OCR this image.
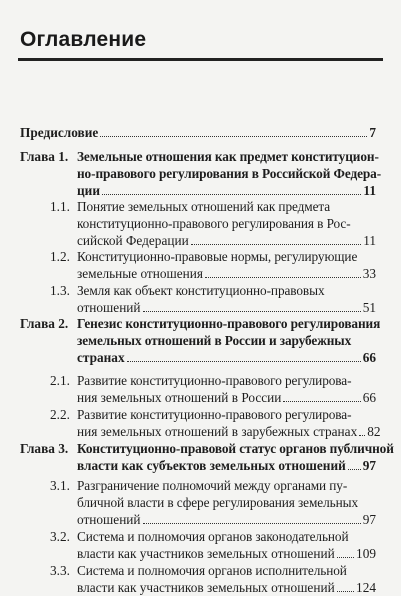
Оглавление
Предисловие	7
Глава 1. Земельные отношения как предмет конституцион-
но-правового регулирования в Российской Федера-
ции	11
1.1. Понятие земельных отношений как предмета
конституционно-правового регулирования в Рос-
сийской Федерации	11
1.2. Конституционно-правовые нормы, регулирующие
земельные отношения	33
1.3. Земля как объект конституционно-правовых
отношений	51
Глава 2. Генезис конституционно-правового регулирования
земельных отношений в России и зарубежных
странах	66
2.1. Развитие конституционно-правового регулирова-
ния земельных отношений в России	66
2.2. Развитие конституционно-правового регулирова-
ния земельных отношений в зарубежных странах 82
Глава 3. Конституционно-правовой статус органов публичной
власти как субъектов земельных отношений 97
3.1. Разграничение полномочий между органами пу-
бличной власти в сфере регулирования земельных
отношений	97
3.2. Система и полномочия органов законодательной
власти как участников земельных отношений 109
3.3. Система и полномочия органов исполнительной
власти как участников земельных отношений 124
